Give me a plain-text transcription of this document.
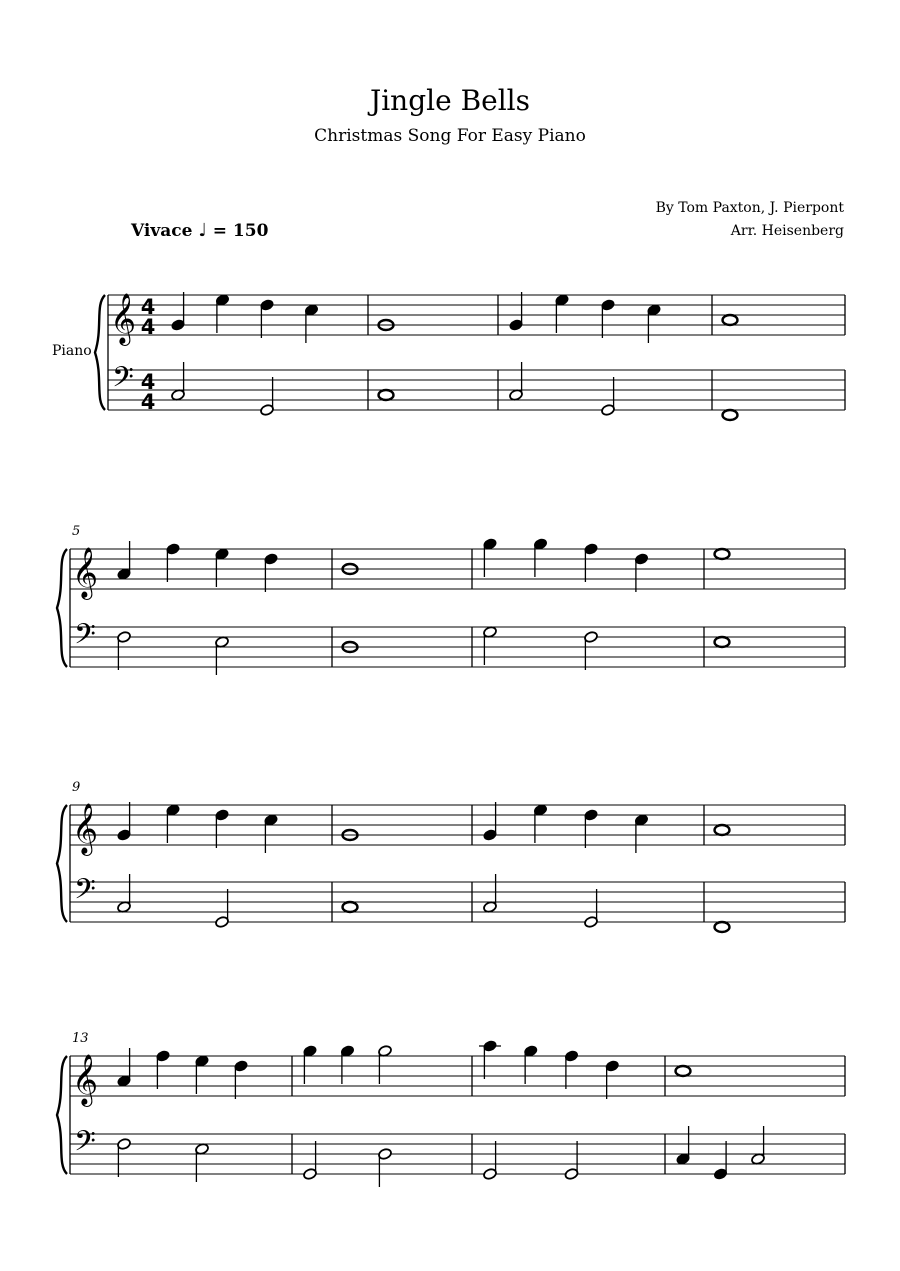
Jingle Bells
Christmas Song For Easy Piano
By Tom Paxton, J. Pierpont
Arr. Heisenberg
Vivace ♩ = 150
𝄞
𝄢
4
4
4
4
Piano
𝄞
𝄢
5
𝄞
𝄢
9
𝄞
𝄢
13
